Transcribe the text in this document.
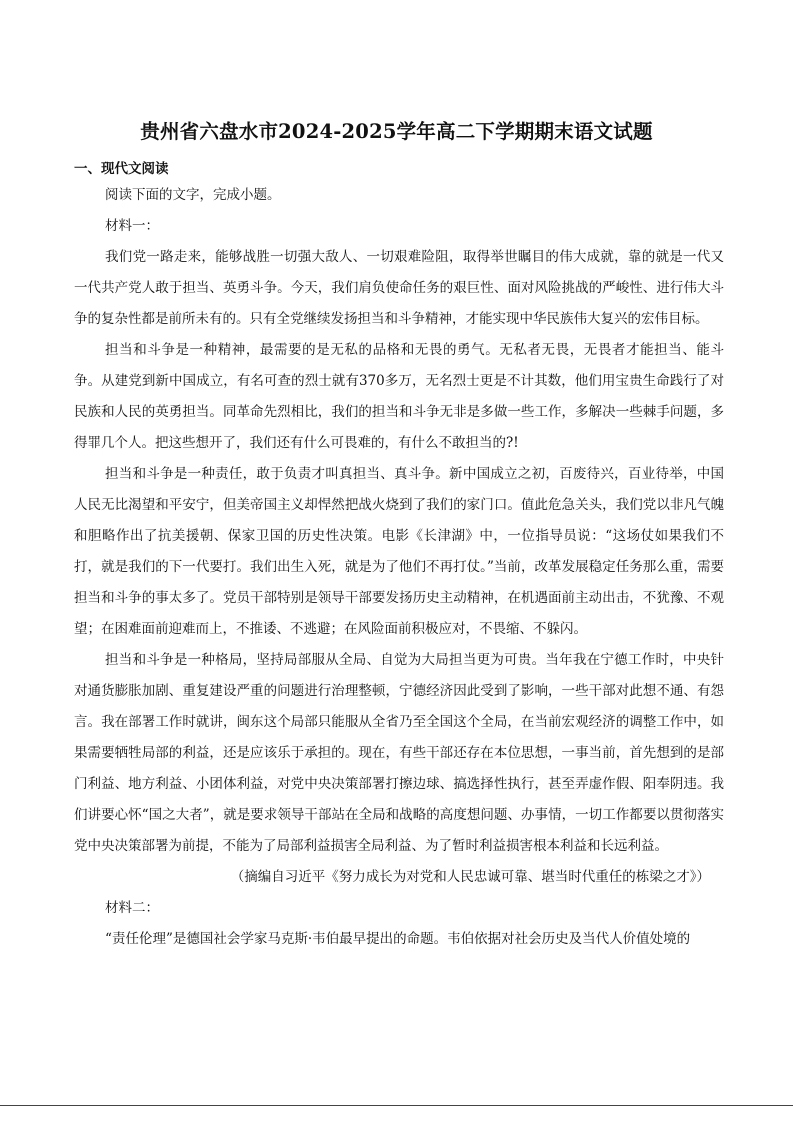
贵州省六盘水市2024-2025学年高二下学期期末语文试题
一、现代文阅读

阅读下面的文字，完成小题。

材料一：

我们党一路走来，能够战胜一切强大敌人、一切艰难险阻，取得举世瞩目的伟大成就，靠的就是一代又一代共产党人敢于担当、英勇斗争。今天，我们肩负使命任务的艰巨性、面对风险挑战的严峻性、进行伟大斗争的复杂性都是前所未有的。只有全党继续发扬担当和斗争精神，才能实现中华民族伟大复兴的宏伟目标。

担当和斗争是一种精神，最需要的是无私的品格和无畏的勇气。无私者无畏，无畏者才能担当、能斗争。从建党到新中国成立，有名可查的烈士就有370多万，无名烈士更是不计其数，他们用宝贵生命践行了对民族和人民的英勇担当。同革命先烈相比，我们的担当和斗争无非是多做一些工作，多解决一些棘手问题，多得罪几个人。把这些想开了，我们还有什么可畏难的，有什么不敢担当的?!

担当和斗争是一种责任，敢于负责才叫真担当、真斗争。新中国成立之初，百废待兴，百业待举，中国人民无比渴望和平安宁，但美帝国主义却悍然把战火烧到了我们的家门口。值此危急关头，我们党以非凡气魄和胆略作出了抗美援朝、保家卫国的历史性决策。电影《长津湖》中，一位指导员说：“这场仗如果我们不打，就是我们的下一代要打。我们出生入死，就是为了他们不再打仗。”当前，改革发展稳定任务那么重，需要担当和斗争的事太多了。党员干部特别是领导干部要发扬历史主动精神，在机遇面前主动出击，不犹豫、不观望；在困难面前迎难而上，不推诿、不逃避；在风险面前积极应对，不畏缩、不躲闪。

担当和斗争是一种格局，坚持局部服从全局、自觉为大局担当更为可贵。当年我在宁德工作时，中央针对通货膨胀加剧、重复建设严重的问题进行治理整顿，宁德经济因此受到了影响，一些干部对此想不通、有怨言。我在部署工作时就讲，闽东这个局部只能服从全省乃至全国这个全局，在当前宏观经济的调整工作中，如果需要牺牲局部的利益，还是应该乐于承担的。现在，有些干部还存在本位思想，一事当前，首先想到的是部门利益、地方利益、小团体利益，对党中央决策部署打擦边球、搞选择性执行，甚至弄虚作假、阳奉阴违。我们讲要心怀“国之大者”，就是要求领导干部站在全局和战略的高度想问题、办事情，一切工作都要以贯彻落实党中央决策部署为前提，不能为了局部利益损害全局利益、为了暂时利益损害根本利益和长远利益。

（摘编自习近平《努力成长为对党和人民忠诚可靠、堪当时代重任的栋梁之才》）

材料二：

“责任伦理”是德国社会学家马克斯·韦伯最早提出的命题。韦伯依据对社会历史及当代人价值处境的
